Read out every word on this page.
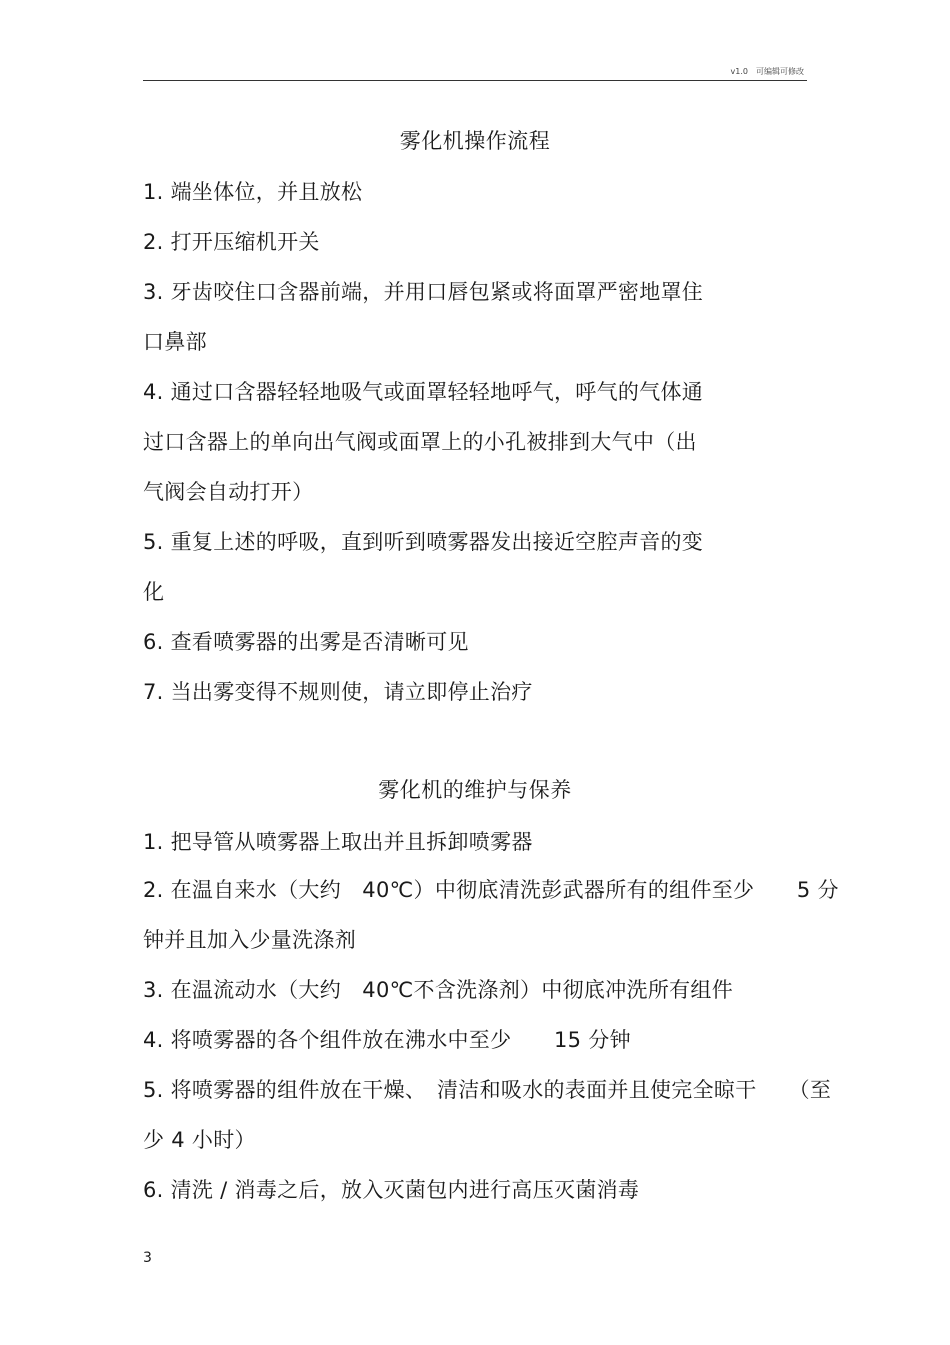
v1.0　可编辑可修改
雾化机操作流程
1. 端坐体位，并且放松
2. 打开压缩机开关
3. 牙齿咬住口含器前端，并用口唇包紧或将面罩严密地罩住
口鼻部
4. 通过口含器轻轻地吸气或面罩轻轻地呼气，呼气的气体通
过口含器上的单向出气阀或面罩上的小孔被排到大气中（出
气阀会自动打开）
5. 重复上述的呼吸，直到听到喷雾器发出接近空腔声音的变
化
6. 查看喷雾器的出雾是否清晰可见
7. 当出雾变得不规则使，请立即停止治疗
雾化机的维护与保养
1. 把导管从喷雾器上取出并且拆卸喷雾器
2. 在温自来水（大约　40℃）中彻底清洗彭武器所有的组件至少　　5 分
钟并且加入少量洗涤剂
3. 在温流动水（大约　40℃不含洗涤剂）中彻底冲洗所有组件
4. 将喷雾器的各个组件放在沸水中至少　　15 分钟
5. 将喷雾器的组件放在干燥、　清洁和吸水的表面并且使完全晾干　　（至
少 4 小时）
6. 清洗 / 消毒之后，放入灭菌包内进行高压灭菌消毒
3
